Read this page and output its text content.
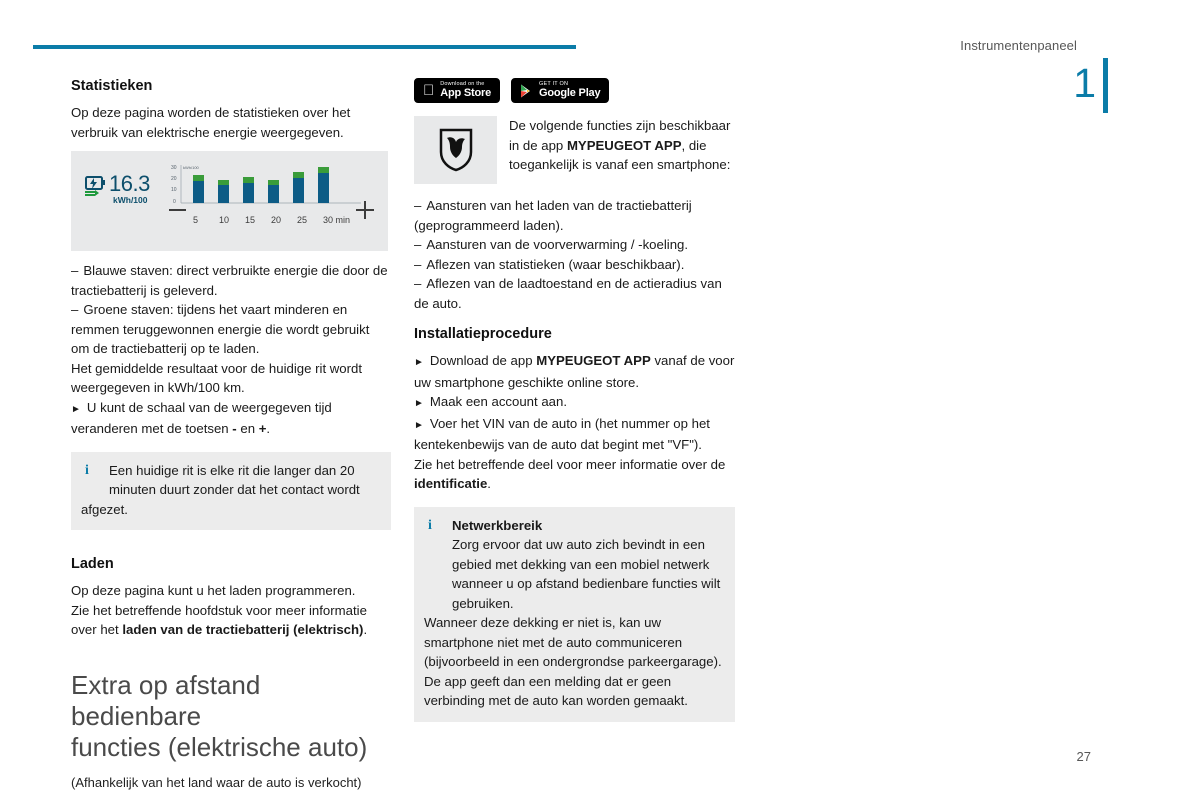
Instrumentenpaneel
1
27
Statistieken

Op deze pagina worden de statistieken over het verbruik van elektrische energie weergegeven.

16.3
kWh/100
30
20
10
0
kWh/100
5 10 15 20 25 30 min
– Blauwe staven: direct verbruikte energie die door de tractiebatterij is geleverd.
– Groene staven: tijdens het vaart minderen en remmen teruggewonnen energie die wordt gebruikt om de tractiebatterij op te laden.

Het gemiddelde resultaat voor de huidige rit wordt weergegeven in kWh/100 km.

► U kunt de schaal van de weergegeven tijd veranderen met de toetsen - en +.

i Een huidige rit is elke rit die langer dan 20 minuten duurt zonder dat het contact wordt

afgezet.

Laden

Op deze pagina kunt u het laden programmeren.

Zie het betreffende hoofdstuk voor meer informatie over het laden van de tractiebatterij (elektrisch).

Extra op afstand bedienbare
functies (elektrische auto)

(Afhankelijk van het land waar de auto is verkocht)

Download on the
App Store
GET IT ON
Google Play
De volgende functies zijn beschikbaar in de app MYPEUGEOT APP, die toegankelijk is vanaf een smartphone:
– Aansturen van het laden van de tractiebatterij (geprogrammeerd laden).
– Aansturen van de voorverwarming / -koeling.
– Aflezen van statistieken (waar beschikbaar).
– Aflezen van de laadtoestand en de actieradius van de auto.
Installatieprocedure
► Download de app MYPEUGEOT APP vanaf de voor uw smartphone geschikte online store.
► Maak een account aan.
► Voer het VIN van de auto in (het nummer op het kentekenbewijs van de auto dat begint met "VF").

Zie het betreffende deel voor meer informatie over de identificatie.

i Netwerkbereik

Zorg ervoor dat uw auto zich bevindt in een gebied met dekking van een mobiel netwerk wanneer u op afstand bedienbare functies wilt gebruiken.

Wanneer deze dekking er niet is, kan uw smartphone niet met de auto communiceren (bijvoorbeeld in een ondergrondse parkeergarage). De app geeft dan een melding dat er geen verbinding met de auto kan worden gemaakt.
